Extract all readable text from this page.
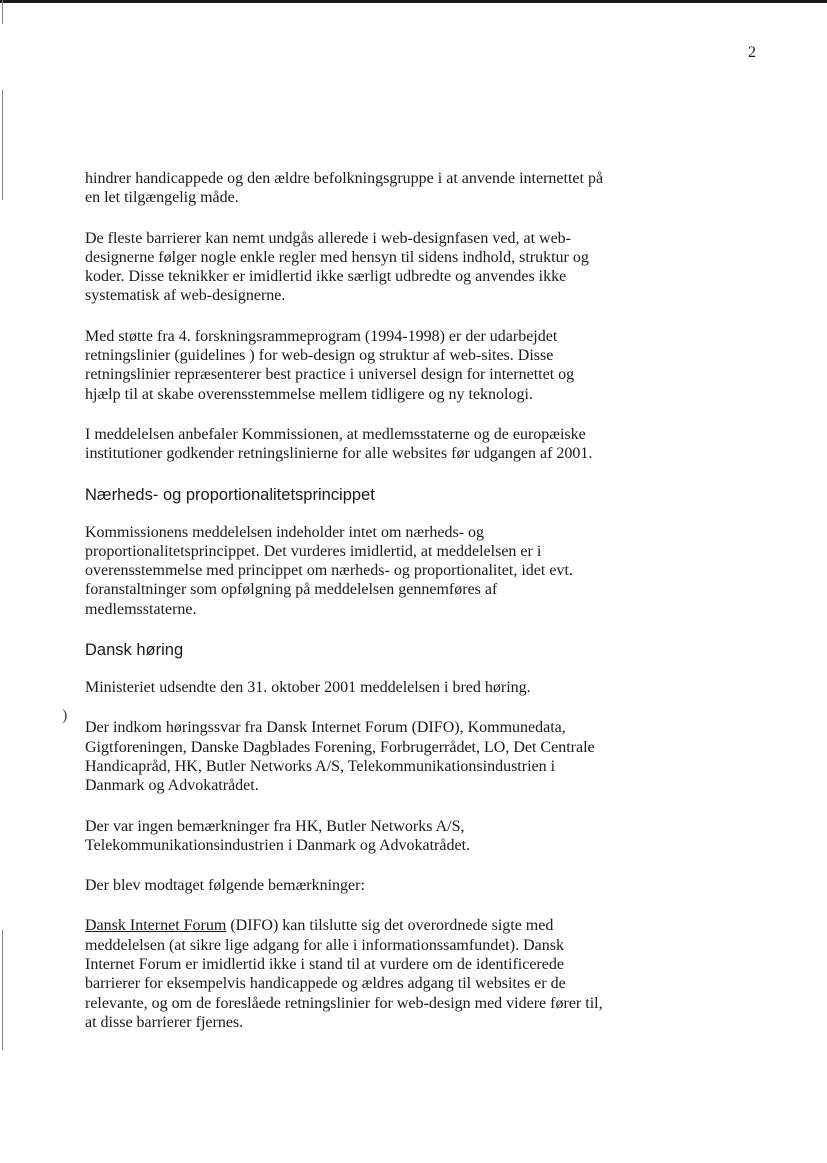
2
)

hindrer handicappede og den ældre befolkningsgruppe i at anvende internettet på en let tilgængelig måde.

De fleste barrierer kan nemt undgås allerede i web-designfasen ved, at web-designerne følger nogle enkle regler med hensyn til sidens indhold, struktur og koder. Disse teknikker er imidlertid ikke særligt udbredte og anvendes ikke systematisk af web-designerne.

Med støtte fra 4. forskningsrammeprogram (1994-1998) er der udarbejdet retningslinier (guidelines ) for web-design og struktur af web-sites. Disse retningslinier repræsenterer best practice i universel design for internettet og hjælp til at skabe overensstemmelse mellem tidligere og ny teknologi.

I meddelelsen anbefaler Kommissionen, at medlemsstaterne og de europæiske institutioner godkender retningslinierne for alle websites før udgangen af 2001.

Nærheds- og proportionalitetsprincippet

Kommissionens meddelelsen indeholder intet om nærheds- og proportionalitetsprincippet. Det vurderes imidlertid, at meddelelsen er i overensstemmelse med princippet om nærheds- og proportionalitet, idet evt. foranstaltninger som opfølgning på meddelelsen gennemføres af medlemsstaterne.

Dansk høring

Ministeriet udsendte den 31. oktober 2001 meddelelsen i bred høring.

Der indkom høringssvar fra Dansk Internet Forum (DIFO), Kommunedata, Gigtforeningen, Danske Dagblades Forening, Forbrugerrådet, LO, Det Centrale Handicapråd, HK, Butler Networks A/S, Telekommunikationsindustrien i Danmark og Advokatrådet.

Der var ingen bemærkninger fra HK, Butler Networks A/S, Telekommunikationsindustrien i Danmark og Advokatrådet.

Der blev modtaget følgende bemærkninger:

Dansk Internet Forum (DIFO) kan tilslutte sig det overordnede sigte med meddelelsen (at sikre lige adgang for alle i informationssamfundet). Dansk Internet Forum er imidlertid ikke i stand til at vurdere om de identificerede barrierer for eksempelvis handicappede og ældres adgang til websites er de relevante, og om de foreslåede retningslinier for web-design med videre fører til, at disse barrierer fjernes.
